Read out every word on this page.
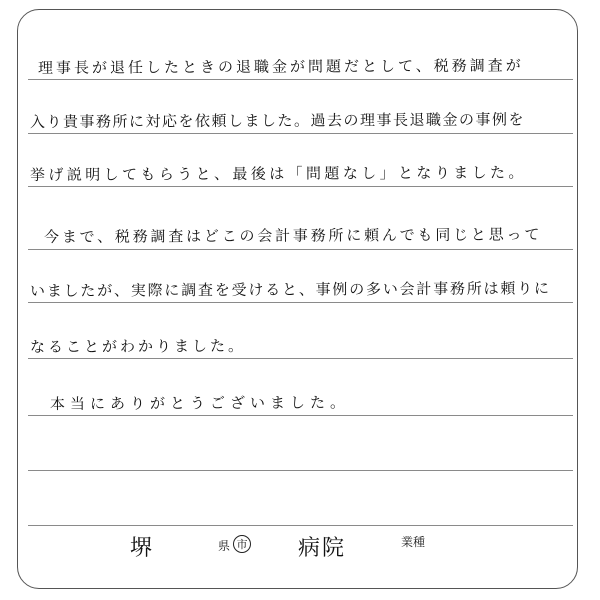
理事長が退任したときの退職金が問題だとして、税務調査が
入り貴事務所に対応を依頼しました。過去の理事長退職金の事例を
挙げ説明してもらうと、最後は「問題なし」となりました。
今まで、税務調査はどこの会計事務所に頼んでも同じと思って
いましたが、実際に調査を受けると、事例の多い会計事務所は頼りに
なることがわかりました。
本当にありがとうございました。
堺	県 市 病院	業種
